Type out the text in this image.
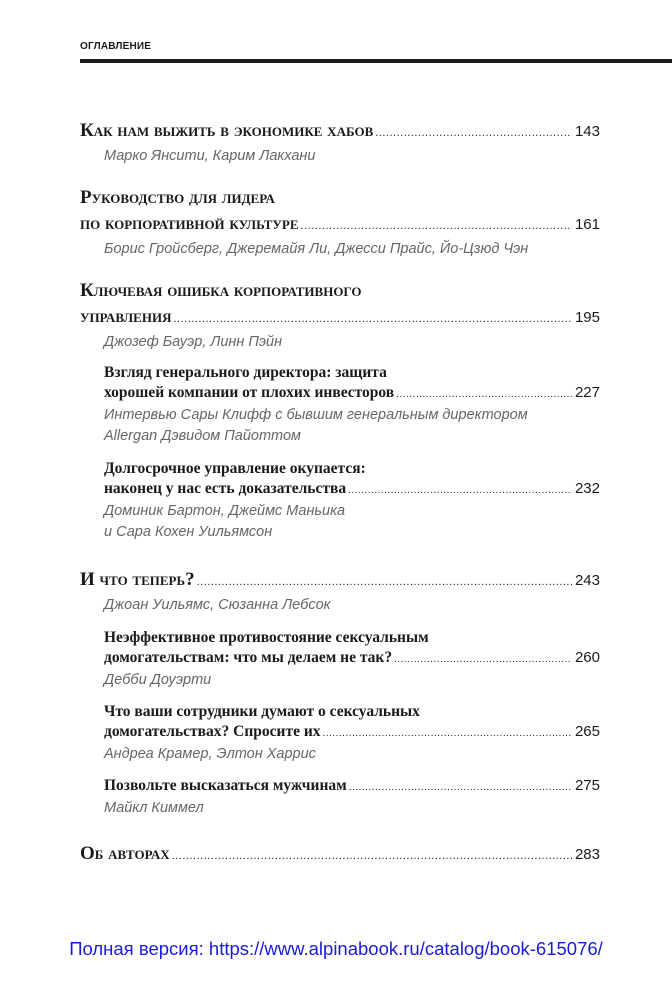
ОГЛАВЛЕНИЕ
Как нам выжить в экономике хабов .....	143
Марко Янсити, Карим Лакхани
Руководство для лидера
по корпоративной культуре .....	161
Борис Гройсберг, Джеремайя Ли, Джесси Прайс, Йо-Цзюд Чэн
Ключевая ошибка корпоративного
управления .....	195
Джозеф Бауэр, Линн Пэйн
Взгляд генерального директора: защита
хорошей компании от плохих инвесторов .....	227
Интервью Сары Клифф с бывшим генеральным директором
Allergan Дэвидом Пайоттом
Долгосрочное управление окупается:
наконец у нас есть доказательства .....	232
Доминик Бартон, Джеймс Маньика
и Сара Кохен Уильямсон
И что теперь? .....	243
Джоан Уильямс, Сюзанна Лебсок
Неэффективное противостояние сексуальным
домогательствам: что мы делаем не так? .....	260
Дебби Доуэрти
Что ваши сотрудники думают о сексуальных
домогательствах? Спросите их .....	265
Андреа Крамер, Элтон Харрис
Позвольте высказаться мужчинам .....	275
Майкл Киммел
Об авторах .....	283
Полная версия: https://www.alpinabook.ru/catalog/book-615076/
